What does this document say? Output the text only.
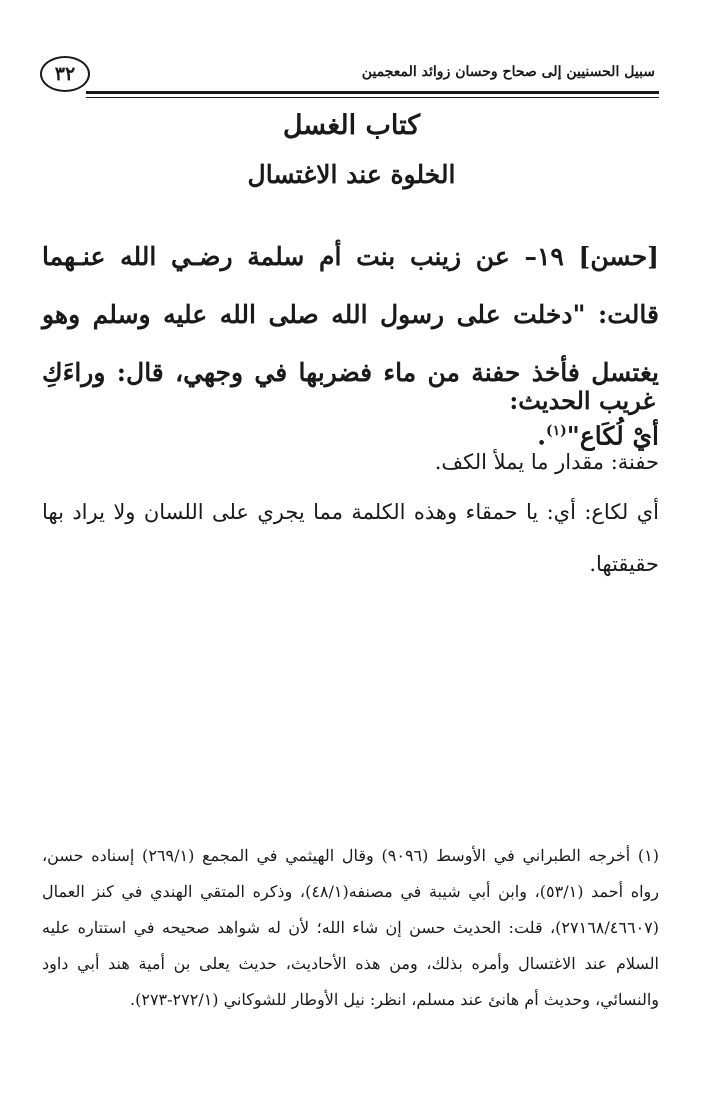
٣٢	سبيل الحسنيين إلى صحاح وحسان زوائد المعجمين
كتاب الغسل
الخلوة عند الاغتسال
[حسن] ١٩– عن زينب بنت أم سلمة رضـي الله عنـهما قالت: "دخلت على رسول الله صلى الله عليه وسلم وهو يغتسل فأخذ حفنة من ماء فضربها في وجهي، قال: وراءَكِ أيْ لُكَاع"$^{(١)}$.
غريب الحديث:
حفنة: مقدار ما يملأ الكف.
أي لكاع: أي: يا حمقاء وهذه الكلمة مما يجري على اللسان ولا يراد بها حقيقتها.
(١) أخرجه الطبراني في الأوسط (٩٠٩٦) وقال الهيثمي في المجمع (٢٦٩/١) إسناده حسن، رواه أحمد (٥٣/١)، وابن أبي شيبة في مصنفه(٤٨/١)، وذكره المتقي الهندي في كنز العمال (٢٧١٦٨/٤٦٦٠٧)، قلت: الحديث حسن إن شاء الله؛ لأن له شواهد صحيحه في استتاره عليه السلام عند الاغتسال وأمره بذلك، ومن هذه الأحاديث، حديث يعلى بن أمية هند أبي داود والنسائي، وحديث أم هانئ عند مسلم، انظر: نيل الأوطار للشوكاني (٢٧٢/١-٢٧٣).
